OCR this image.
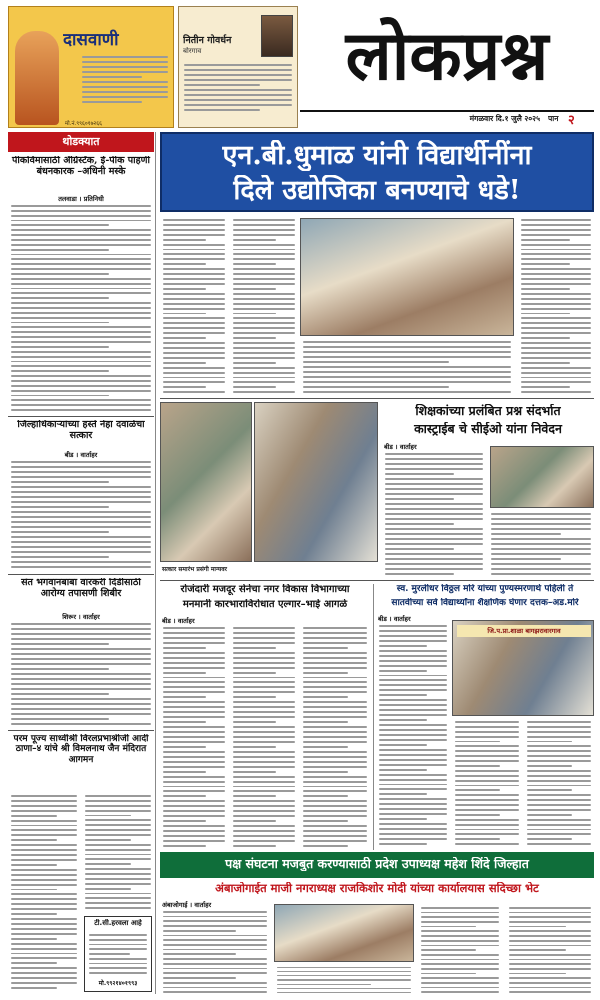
दासवाणी
मो.नं.९९६०१७२६६
नितीन गोवर्धन
बोरगाव	लोकप्रश्न
मंगळवार दि.१ जुलै २०२५ पान २
थोडक्यात
पीकविमासाठी ॲग्रिस्टॅक, ई-पीक पाहणी बंधनकारक –अधिनी मस्के
तलवाडा । प्रतिनिधी
जिल्हाधिकाऱ्यांच्या हस्ते नेहा दवाळेचा सत्कार
बीड । वार्ताहर
संत भगवानबाबा वारकरी दिंडीसाठी आरोग्य तपासणी शिबीर
शिरूर । वार्ताहर
परम पूज्य साध्वीश्री विरलप्रभाश्रीजी आदी ठाणा–४ यांचे श्री विमलनाथ जैन मंदिरात आगमन
टी.सी.हरवला आहे
मो.९९२१४०१९९३
एन.बी.धुमाळ यांनी विद्यार्थीनींना
दिले उद्योजिका बनण्याचे धडे!
सत्कार समारंभ प्रसंगी मान्यवर
शिक्षकांच्या प्रलंबित प्रश्न संदर्भात
कास्ट्राईब चे सीईओ यांना निवेदन
बीड । वार्ताहर
रोजंदारी मजदूर सेनेचा नगर विकास विभागाच्या
मनमानी कारभाराविरोधात एल्गार–भाई आगळे
बीड । वार्ताहर
स्व. मुरलीधर विठ्ठल मोरे यांच्या पुण्यस्मरणार्थ पहिली ते
सातवीच्या सर्व विद्यार्थ्यांना शैक्षणिक घेणार दत्तक–अड.मोरे
बीड । वार्ताहर
जि.प.प्रा.शाळा बागझरावारगाव
पक्ष संघटना मजबुत करण्यासाठी प्रदेश उपाध्यक्ष महेश शिंदे जिल्हात
अंबाजोगाईत माजी नगराध्यक्ष राजकिशोर मोदी यांच्या कार्यालयास सदिच्छा भेट
अंबाजोगाई । वार्ताहर
